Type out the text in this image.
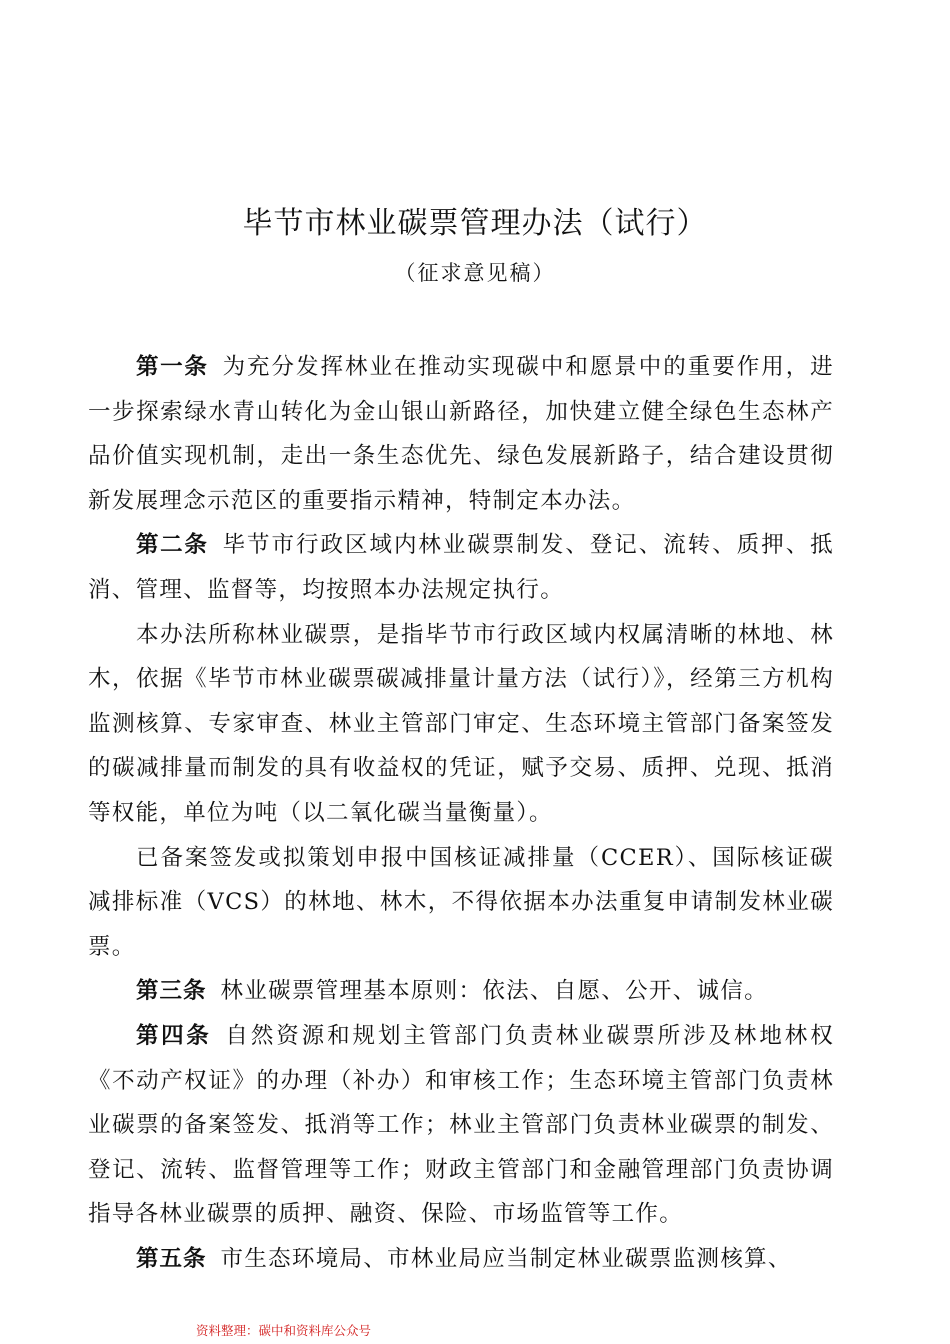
毕节市林业碳票管理办法（试行）
（征求意见稿）

第一条 为充分发挥林业在推动实现碳中和愿景中的重要作用，进一步探索绿水青山转化为金山银山新路径，加快建立健全绿色生态林产品价值实现机制，走出一条生态优先、绿色发展新路子，结合建设贯彻新发展理念示范区的重要指示精神，特制定本办法。

第二条 毕节市行政区域内林业碳票制发、登记、流转、质押、抵消、管理、监督等，均按照本办法规定执行。

本办法所称林业碳票，是指毕节市行政区域内权属清晰的林地、林木，依据《毕节市林业碳票碳减排量计量方法（试行）》，经第三方机构监测核算、专家审查、林业主管部门审定、生态环境主管部门备案签发的碳减排量而制发的具有收益权的凭证，赋予交易、质押、兑现、抵消等权能，单位为吨（以二氧化碳当量衡量）。

已备案签发或拟策划申报中国核证减排量（CCER）、国际核证碳减排标准（VCS）的林地、林木，不得依据本办法重复申请制发林业碳票。

第三条 林业碳票管理基本原则：依法、自愿、公开、诚信。

第四条 自然资源和规划主管部门负责林业碳票所涉及林地林权《不动产权证》的办理（补办）和审核工作；生态环境主管部门负责林业碳票的备案签发、抵消等工作；林业主管部门负责林业碳票的制发、登记、流转、监督管理等工作；财政主管部门和金融管理部门负责协调指导各林业碳票的质押、融资、保险、市场监管等工作。

第五条 市生态环境局、市林业局应当制定林业碳票监测核算、

资料整理：碳中和资料库公众号
